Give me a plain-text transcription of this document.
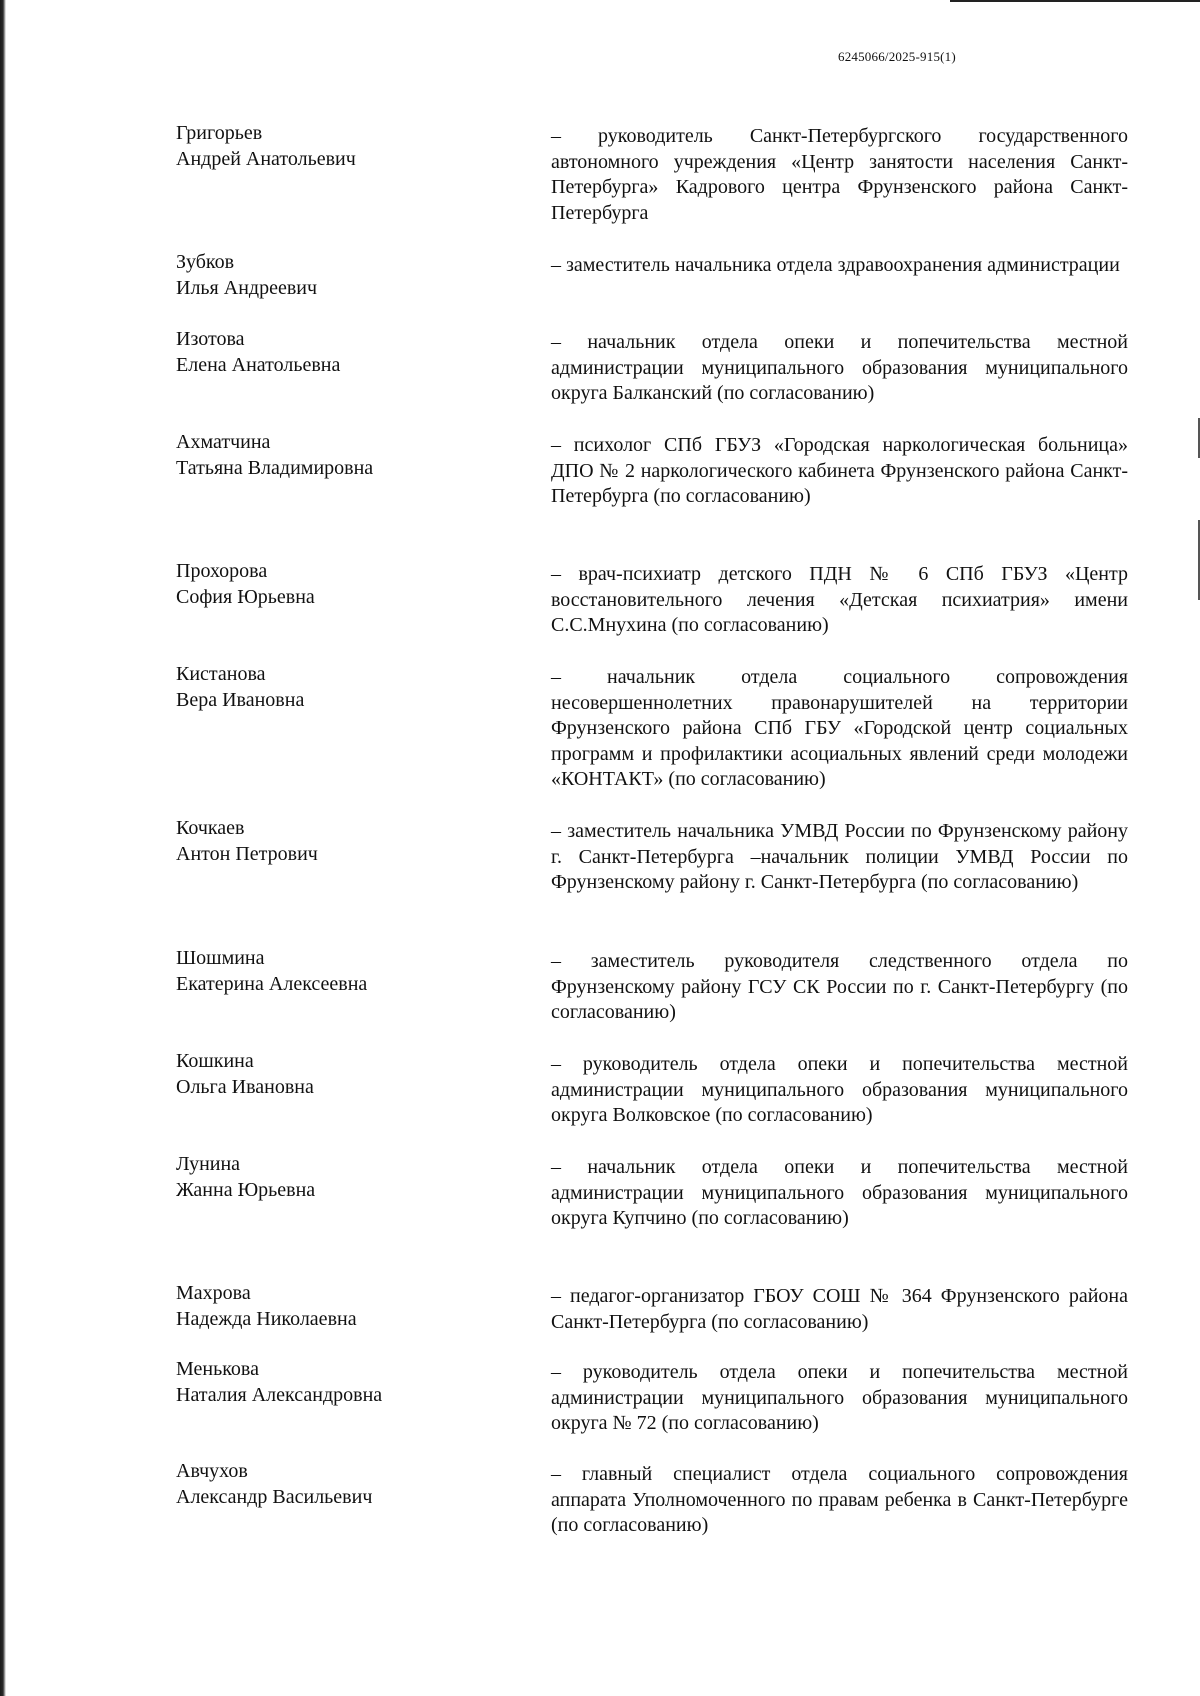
6245066/2025-915(1)
Григорьев
Андрей Анатольевич
– руководитель Санкт-Петербургского государственного автономного учреждения «Центр занятости населения Санкт-Петербурга» Кадрового центра Фрунзенского района Санкт-Петербурга
Зубков
Илья Андреевич
– заместитель начальника отдела здравоохранения администрации
Изотова
Елена Анатольевна
– начальник отдела опеки и попечительства местной администрации муниципального образования муниципального округа Балканский (по согласованию)
Ахматчина
Татьяна Владимировна
– психолог СПб ГБУЗ «Городская наркологическая больница» ДПО № 2 наркологического кабинета Фрунзенского района Санкт-Петербурга (по согласованию)
Прохорова
София Юрьевна
– врач-психиатр детского ПДН № 6 СПб ГБУЗ «Центр восстановительного лечения «Детская психиатрия» имени С.С.Мнухина (по согласованию)
Кистанова
Вера Ивановна
– начальник отдела социального сопровождения несовершеннолетних правонарушителей на территории Фрунзенского района СПб ГБУ «Городской центр социальных программ и профилактики асоциальных явлений среди молодежи «КОНТАКТ» (по согласованию)
Кочкаев
Антон Петрович
– заместитель начальника УМВД России по Фрунзенскому району г. Санкт-Петербурга –начальник полиции УМВД России по Фрунзенскому району г. Санкт-Петербурга (по согласованию)
Шошмина
Екатерина Алексеевна
– заместитель руководителя следственного отдела по Фрунзенскому району ГСУ СК России по г. Санкт-Петербургу (по согласованию)
Кошкина
Ольга Ивановна
– руководитель отдела опеки и попечительства местной администрации муниципального образования муниципального округа Волковское (по согласованию)
Лунина
Жанна Юрьевна
– начальник отдела опеки и попечительства местной администрации муниципального образования муниципального округа Купчино (по согласованию)
Махрова
Надежда Николаевна
– педагог-организатор ГБОУ СОШ № 364 Фрунзенского района Санкт-Петербурга (по согласованию)
Менькова
Наталия Александровна
– руководитель отдела опеки и попечительства местной администрации муниципального образования муниципального округа № 72 (по согласованию)
Авчухов
Александр Васильевич
– главный специалист отдела социального сопровождения аппарата Уполномоченного по правам ребенка в Санкт-Петербурге (по согласованию)
